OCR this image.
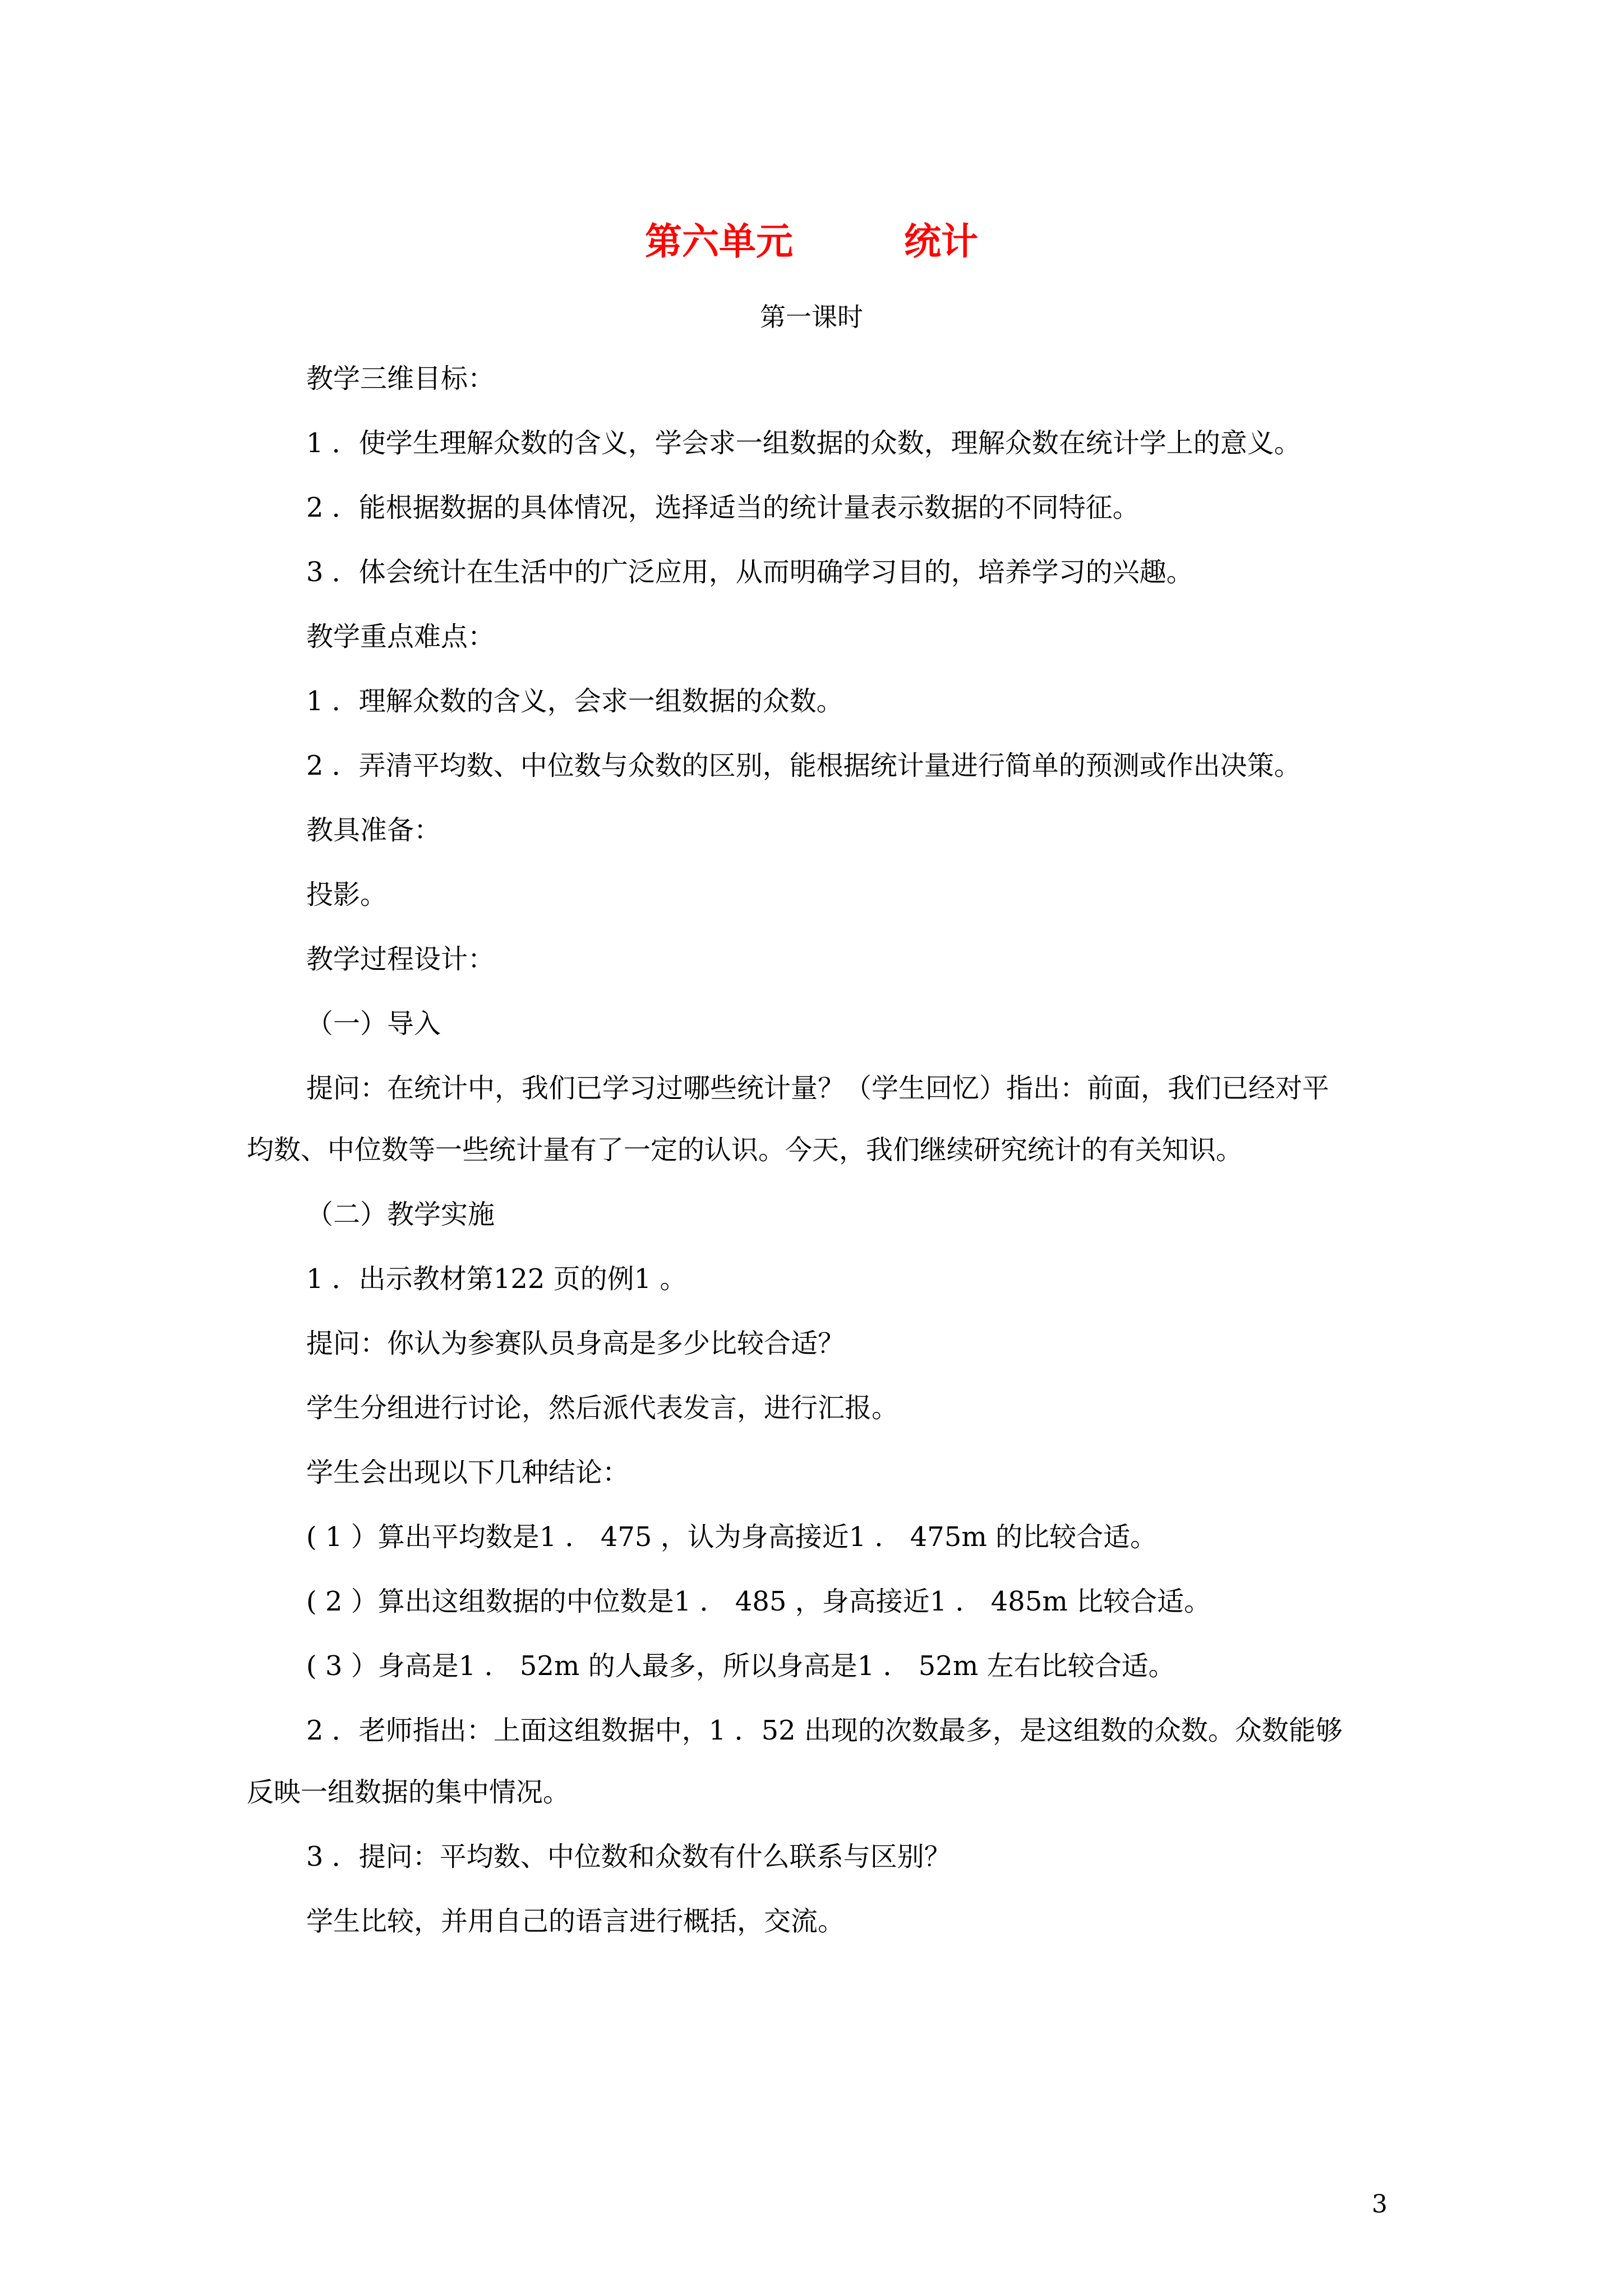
第六单元　　　统计
第一课时
教学三维目标：
1 ．使学生理解众数的含义，学会求一组数据的众数，理解众数在统计学上的意义。
2 ．能根据数据的具体情况，选择适当的统计量表示数据的不同特征。
3 ．体会统计在生活中的广泛应用，从而明确学习目的，培养学习的兴趣。
教学重点难点：
1 ．理解众数的含义，会求一组数据的众数。
2 ．弄清平均数、中位数与众数的区别，能根据统计量进行简单的预测或作出决策。
教具准备：
投影。
教学过程设计：
（一）导入
提问：在统计中，我们已学习过哪些统计量？（学生回忆）指出：前面，我们已经对平
均数、中位数等一些统计量有了一定的认识。今天，我们继续研究统计的有关知识。
（二）教学实施
1 ．出示教材第122 页的例1 。
提问：你认为参赛队员身高是多少比较合适？
学生分组进行讨论，然后派代表发言，进行汇报。
学生会出现以下几种结论：
( 1 ）算出平均数是1 ． 475 ，认为身高接近1 ． 475m 的比较合适。
( 2 ）算出这组数据的中位数是1 ． 485 ，身高接近1 ． 485m 比较合适。
( 3 ）身高是1 ． 52m 的人最多，所以身高是1 ． 52m 左右比较合适。
2 ．老师指出：上面这组数据中，1 ．52 出现的次数最多，是这组数的众数。众数能够
反映一组数据的集中情况。
3 ．提问：平均数、中位数和众数有什么联系与区别？
学生比较，并用自己的语言进行概括，交流。
3
